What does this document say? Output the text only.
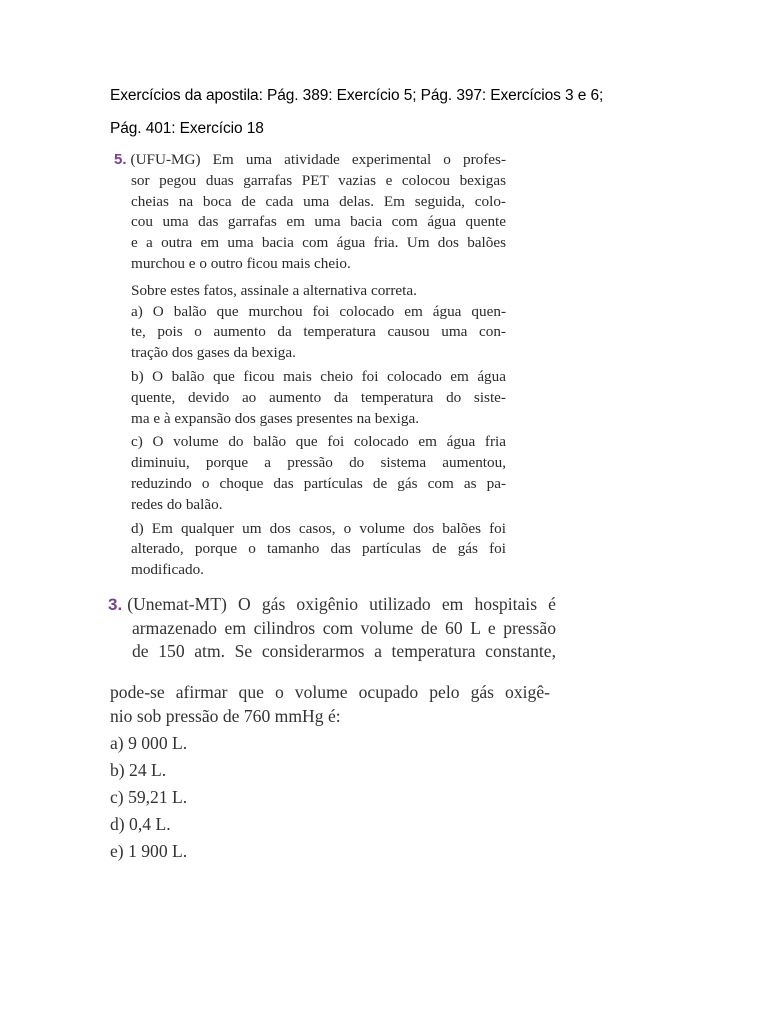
Exercícios da apostila: Pág. 389: Exercício 5; Pág. 397: Exercícios 3 e 6;
Pág. 401: Exercício 18
5. (UFU-MG) Em uma atividade experimental o profes-
sor pegou duas garrafas PET vazias e colocou bexigas
cheias na boca de cada uma delas. Em seguida, colo-
cou uma das garrafas em uma bacia com água quente
e a outra em uma bacia com água fria. Um dos balões
murchou e o outro ficou mais cheio.
Sobre estes fatos, assinale a alternativa correta.
a) O balão que murchou foi colocado em água quen-
te, pois o aumento da temperatura causou uma con-
tração dos gases da bexiga.
b) O balão que ficou mais cheio foi colocado em água
quente, devido ao aumento da temperatura do siste-
ma e à expansão dos gases presentes na bexiga.
c) O volume do balão que foi colocado em água fria
diminuiu, porque a pressão do sistema aumentou,
reduzindo o choque das partículas de gás com as pa-
redes do balão.
d) Em qualquer um dos casos, o volume dos balões foi
alterado, porque o tamanho das partículas de gás foi
modificado.
3. (Unemat-MT) O gás oxigênio utilizado em hospitais é
armazenado em cilindros com volume de 60 L e pressão
de 150 atm. Se considerarmos a temperatura constante,
pode-se afirmar que o volume ocupado pelo gás oxigê-
nio sob pressão de 760 mmHg é:
a) 9 000 L.
b) 24 L.
c) 59,21 L.
d) 0,4 L.
e) 1 900 L.
